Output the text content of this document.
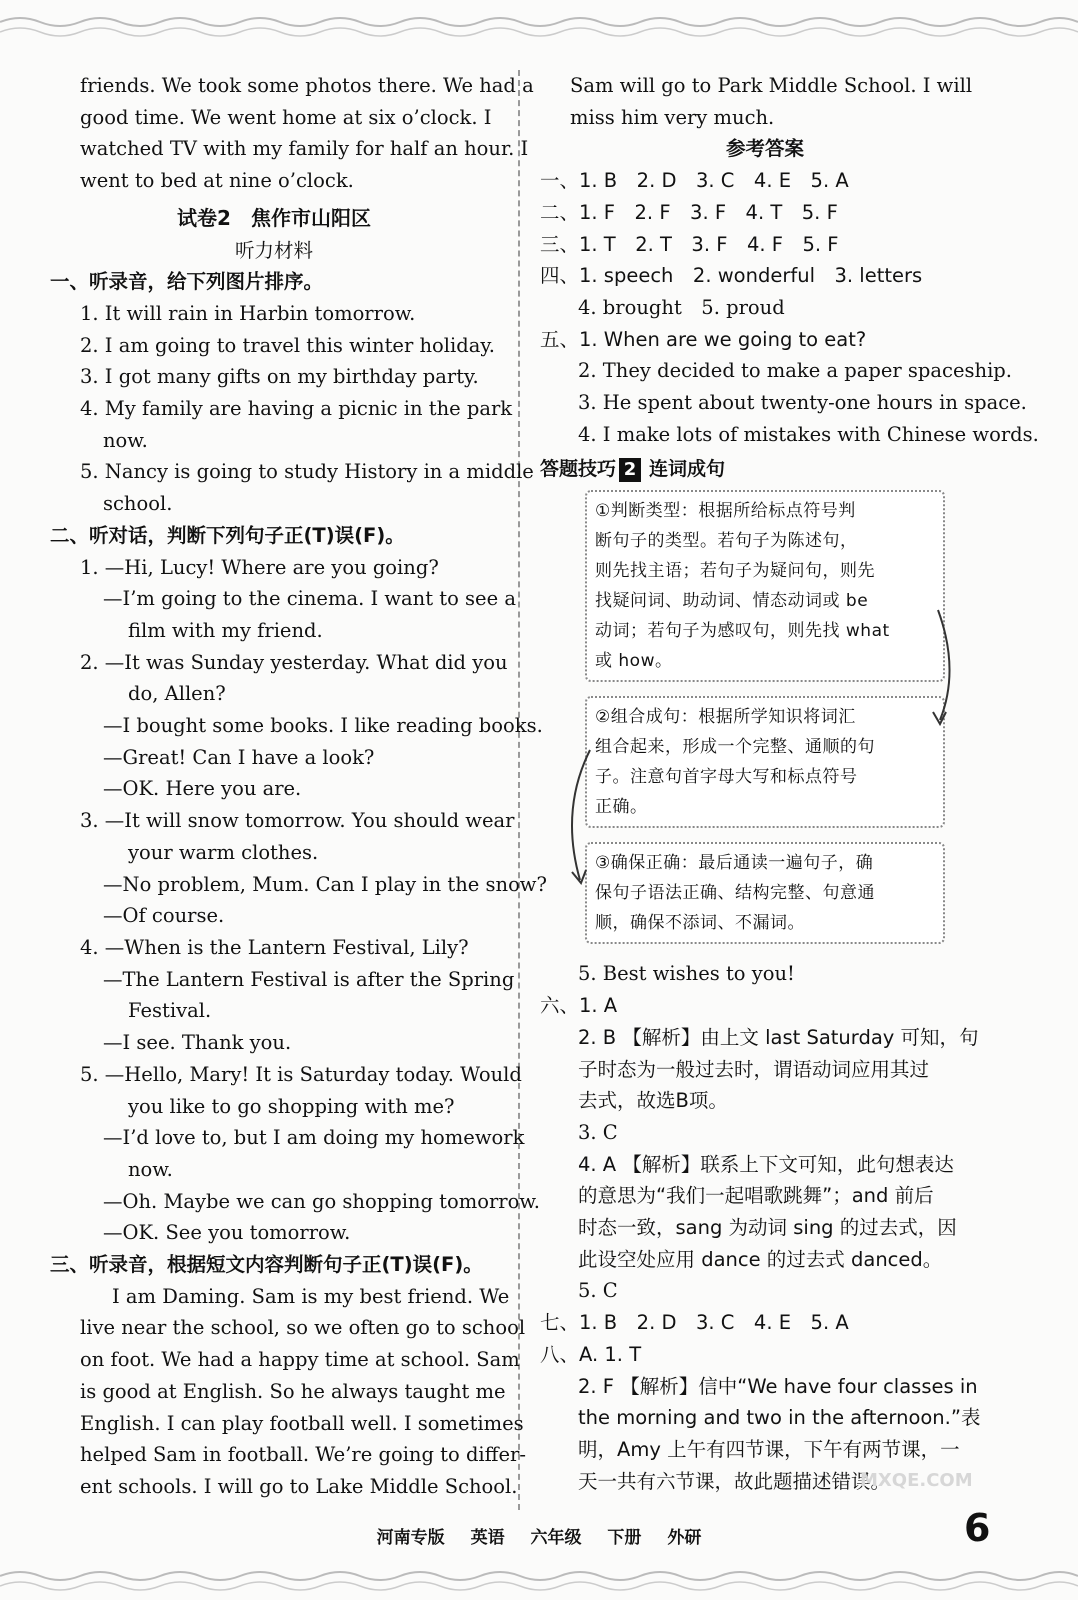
friends. We took some photos there. We had a
good time. We went home at six o’clock. I
watched TV with my family for half an hour. I
went to bed at nine o’clock.
试卷2　焦作市山阳区
听力材料
一、听录音，给下列图片排序。
1. It will rain in Harbin tomorrow.
2. I am going to travel this winter holiday.
3. I got many gifts on my birthday party.
4. My family are having a picnic in the park
now.
5. Nancy is going to study History in a middle
school.
二、听对话，判断下列句子正(T)误(F)。
1. —Hi, Lucy! Where are you going?
—I’m going to the cinema. I want to see a
film with my friend.
2. —It was Sunday yesterday. What did you
do, Allen?
—I bought some books. I like reading books.
—Great! Can I have a look?
—OK. Here you are.
3. —It will snow tomorrow. You should wear
your warm clothes.
—No problem, Mum. Can I play in the snow?
—Of course.
4. —When is the Lantern Festival, Lily?
—The Lantern Festival is after the Spring
Festival.
—I see. Thank you.
5. —Hello, Mary! It is Saturday today. Would
you like to go shopping with me?
—I’d love to, but I am doing my homework
now.
—Oh. Maybe we can go shopping tomorrow.
—OK. See you tomorrow.
三、听录音，根据短文内容判断句子正(T)误(F)。
I am Daming. Sam is my best friend. We
live near the school, so we often go to school
on foot. We had a happy time at school. Sam
is good at English. So he always taught me
English. I can play football well. I sometimes
helped Sam in football. We’re going to differ-
ent schools. I will go to Lake Middle School.
Sam will go to Park Middle School. I will
miss him very much.
参考答案
一、1. B　2. D　3. C　4. E　5. A
二、1. F　2. F　3. F　4. T　5. F
三、1. T　2. T　3. F　4. F　5. F
四、1. speech　2. wonderful　3. letters
4. brought　5. proud
五、1. When are we going to eat?
2. They decided to make a paper spaceship.
3. He spent about twenty-one hours in space.
4. I make lots of mistakes with Chinese words.
答题技巧 2 连词成句
①判断类型：根据所给标点符号判
断句子的类型。若句子为陈述句，
则先找主语；若句子为疑问句，则先
找疑问词、助动词、情态动词或 be
动词；若句子为感叹句，则先找 what
或 how。
②组合成句：根据所学知识将词汇
组合起来，形成一个完整、通顺的句
子。注意句首字母大写和标点符号
正确。
③确保正确：最后通读一遍句子，确
保句子语法正确、结构完整、句意通
顺，确保不添词、不漏词。
5. Best wishes to you!
六、1. A
2. B 【解析】由上文 last Saturday 可知，句
子时态为一般过去时，谓语动词应用其过
去式，故选B项。
3. C
4. A 【解析】联系上下文可知，此句想表达
的意思为“我们一起唱歌跳舞”；and 前后
时态一致，sang 为动词 sing 的过去式，因
此设空处应用 dance 的过去式 danced。
5. C
七、1. B　2. D　3. C　4. E　5. A
八、A. 1. T
2. F 【解析】信中“We have four classes in
the morning and two in the afternoon.”表
明，Amy 上午有四节课，下午有两节课，一
天一共有六节课，故此题描述错误。
MXQE.COM
河南专版 英语 六年级 下册 外研	6
